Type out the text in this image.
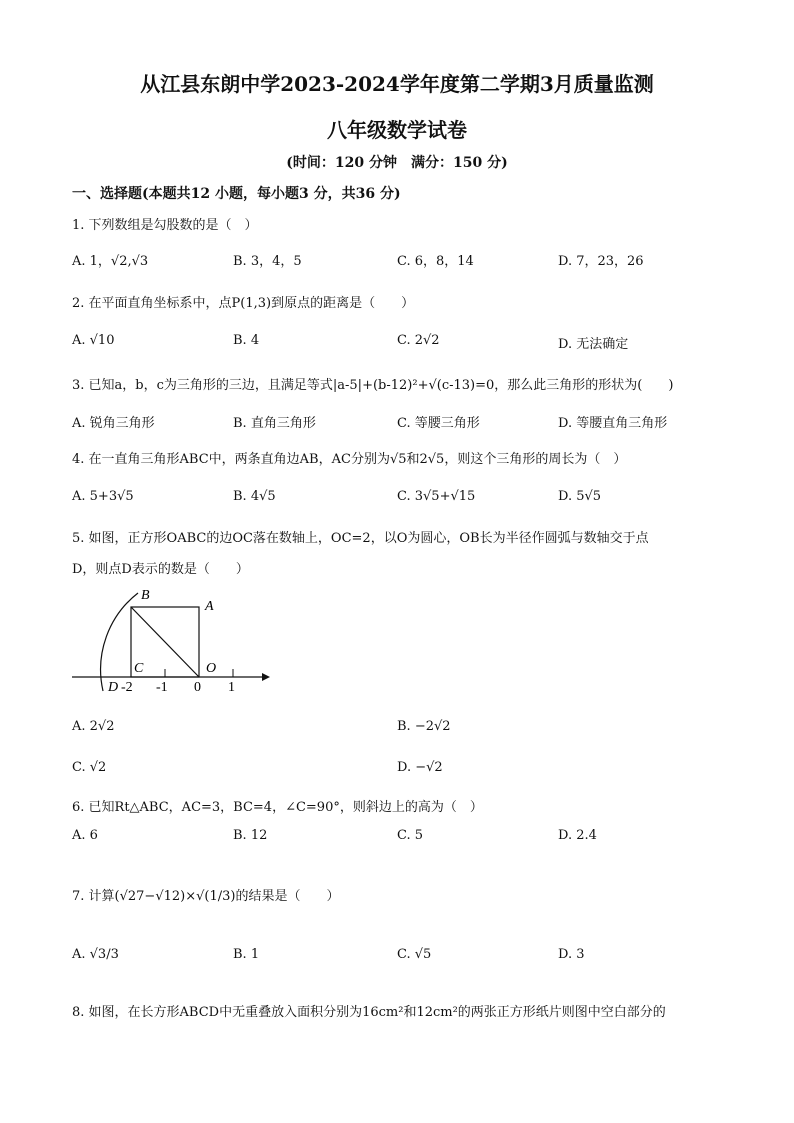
从江县东朗中学2023-2024学年度第二学期3月质量监测
八年级数学试卷
(时间：120 分钟　满分：150 分)
一、选择题(本题共12 小题，每小题3 分，共36 分)
1. 下列数组是勾股数的是（　）
A. 1，√2,√3	B. 3，4，5	C. 6，8，14	D. 7，23，26
2. 在平面直角坐标系中，点P(1,3)到原点的距离是（　　）
A. √10	B. 4	C. 2√2	D. 无法确定
3. 已知a，b，c为三角形的三边，且满足等式|a-5|+(b-12)²+√(c-13)=0，那么此三角形的形状为(　　)
A. 锐角三角形	B. 直角三角形	C. 等腰三角形	D. 等腰直角三角形
4. 在一直角三角形ABC中，两条直角边AB，AC分别为√5和2√5，则这个三角形的周长为（　）
A. 5+3√5	B. 4√5	C. 3√5+√15	D. 5√5
5. 如图，正方形OABC的边OC落在数轴上，OC=2，以O为圆心，OB长为半径作圆弧与数轴交于点
D，则点D表示的数是（　　）
B
A
C	O
D -2 -1 0 1
A. 2√2	B. −2√2
C. √2	D. −√2
6. 已知Rt△ABC，AC=3，BC=4，∠C=90°，则斜边上的高为（　）
A. 6	B. 12	C. 5	D. 2.4
7. 计算(√27−√12)×√(1/3)的结果是（　　）
A. √3/3	B. 1	C. √5	D. 3
8. 如图，在长方形ABCD中无重叠放入面积分别为16cm²和12cm²的两张正方形纸片则图中空白部分的
